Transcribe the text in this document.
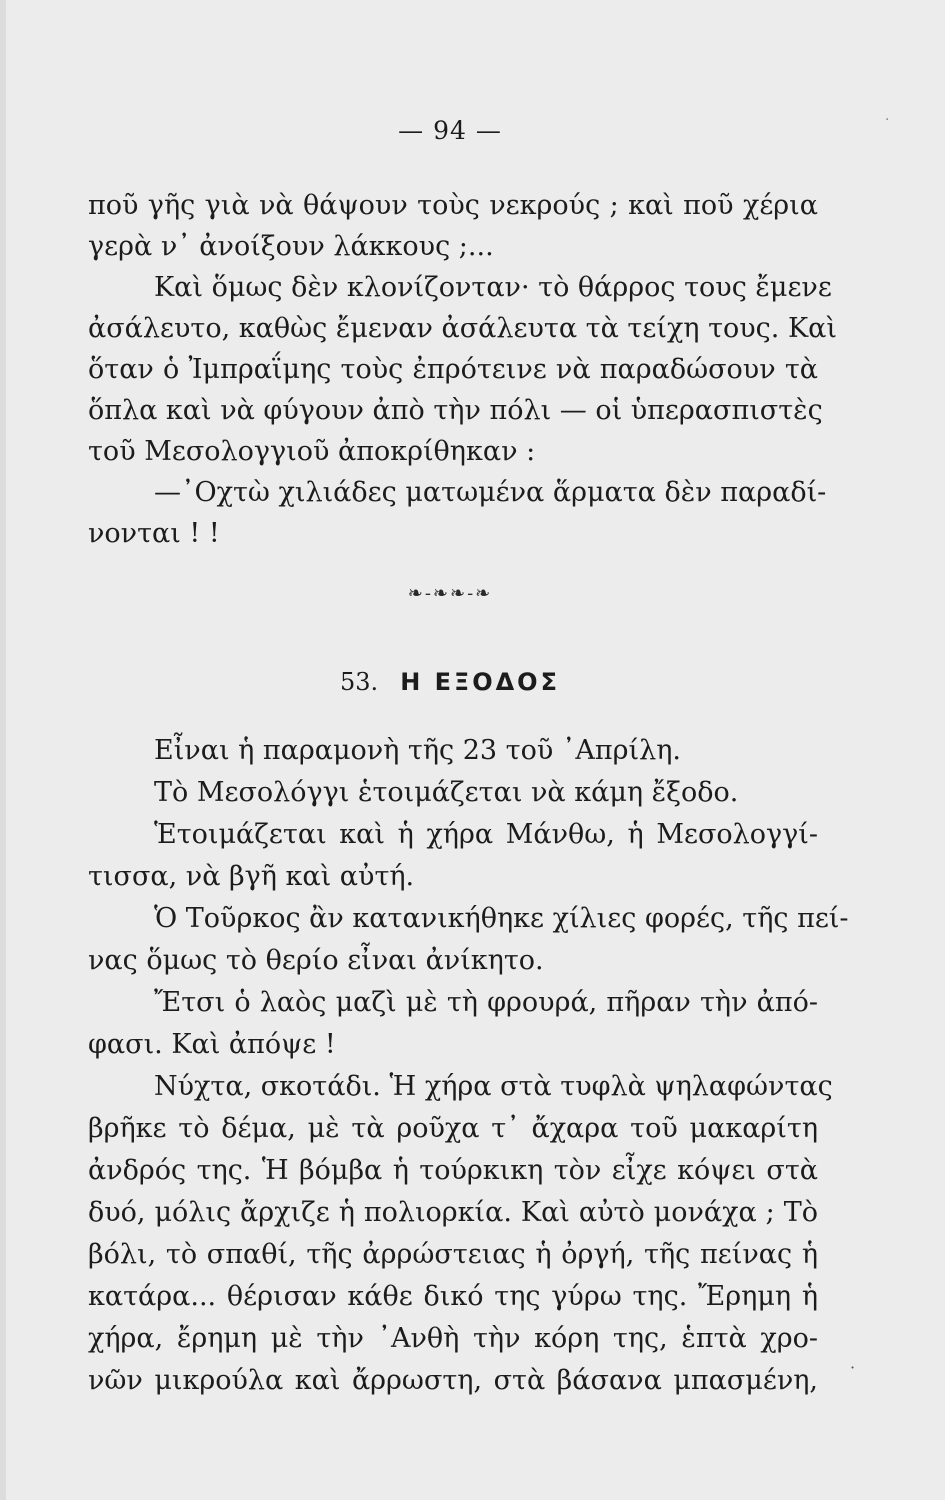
— 94 —
ποῦ γῆς γιὰ νὰ θάψουν τοὺς νεκρούς ; καὶ ποῦ χέρια
γερὰ ν᾽ ἀνοίξουν λάκκους ;...
Καὶ ὅμως δὲν κλονίζονταν· τὸ θάρρος τους ἔμενε
ἀσάλευτο, καθὼς ἔμεναν ἀσάλευτα τὰ τείχη τους. Καὶ
ὅταν ὁ Ἰμπραΐμης τοὺς ἐπρότεινε νὰ παραδώσουν τὰ
ὅπλα καὶ νὰ φύγουν ἀπὸ τὴν πόλι — οἱ ὑπερασπιστὲς
τοῦ Μεσολογγιοῦ ἀποκρίθηκαν :
—᾽Οχτὼ χιλιάδες ματωμένα ἅρματα δὲν παραδί-
νονται ! !
❧-❧❧-❧
53. Η ΕΞΟΔΟΣ
Εἶναι ἡ παραμονὴ τῆς 23 τοῦ ᾽Απρίλη.
Τὸ Μεσολόγγι ἑτοιμάζεται νὰ κάμη ἔξοδο.
Ἑτοιμάζεται καὶ ἡ χήρα Μάνθω, ἡ Μεσολογγί-
τισσα, νὰ βγῆ καὶ αὐτή.
Ὁ Τοῦρκος ἂν κατανικήθηκε χίλιες φορές, τῆς πεί-
νας ὅμως τὸ θερίο εἶναι ἀνίκητο.
Ἔτσι ὁ λαὸς μαζὶ μὲ τὴ φρουρά, πῆραν τὴν ἀπό-
φασι. Καὶ ἀπόψε !
Νύχτα, σκοτάδι. Ἡ χήρα στὰ τυφλὰ ψηλαφώντας
βρῆκε τὸ δέμα, μὲ τὰ ροῦχα τ᾽ ἄχαρα τοῦ μακαρίτη
ἀνδρός της. Ἡ βόμβα ἡ τούρκικη τὸν εἶχε κόψει στὰ
δυό, μόλις ἄρχιζε ἡ πολιορκία. Καὶ αὐτὸ μονάχα ; Τὸ
βόλι, τὸ σπαθί, τῆς ἀρρώστειας ἡ ὀργή, τῆς πείνας ἡ
κατάρα... θέρισαν κάθε δικό της γύρω της. Ἔρημη ἡ
χήρα, ἔρημη μὲ τὴν ᾽Ανθὴ τὴν κόρη της, ἑπτὰ χρο-
νῶν μικρούλα καὶ ἄρρωστη, στὰ βάσανα μπασμένη,
·
·
